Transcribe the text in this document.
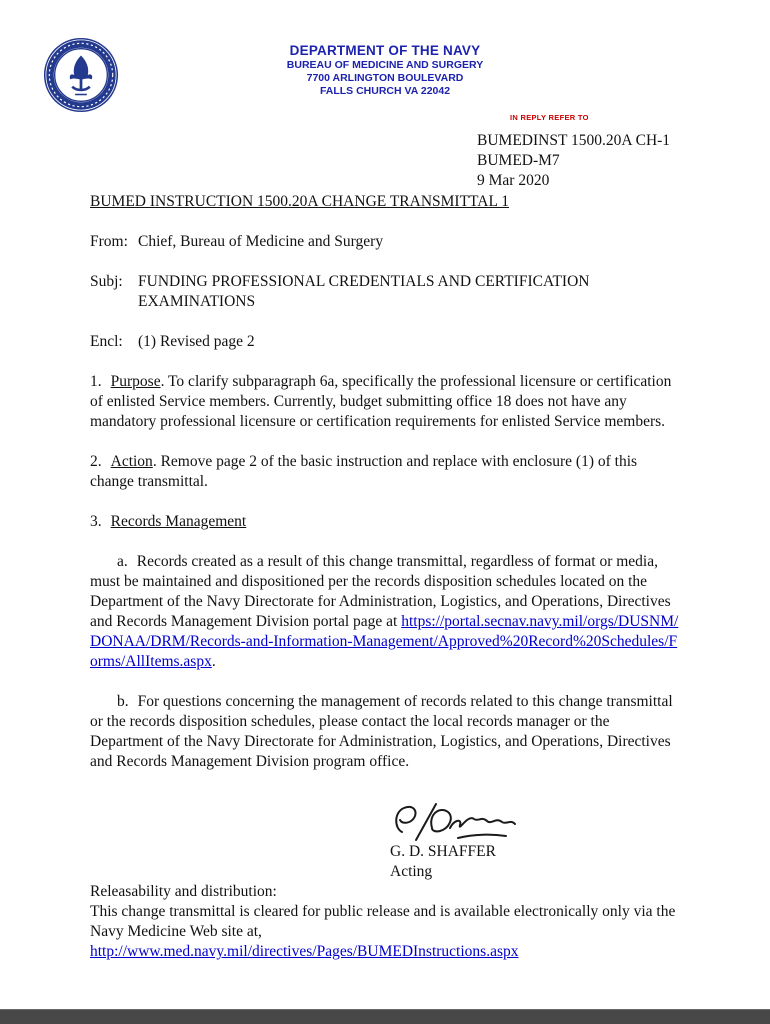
DEPARTMENT OF THE NAVY
BUREAU OF MEDICINE AND SURGERY
7700 ARLINGTON BOULEVARD
FALLS CHURCH VA 22042
IN REPLY REFER TO
BUMEDINST 1500.20A CH-1
BUMED-M7
9 Mar 2020
BUMED INSTRUCTION 1500.20A CHANGE TRANSMITTAL 1
From: Chief, Bureau of Medicine and Surgery
Subj: FUNDING PROFESSIONAL CREDENTIALS AND CERTIFICATION
EXAMINATIONS
Encl: (1) Revised page 2

1. Purpose. To clarify subparagraph 6a, specifically the professional licensure or certification of enlisted Service members. Currently, budget submitting office 18 does not have any mandatory professional licensure or certification requirements for enlisted Service members.

2. Action. Remove page 2 of the basic instruction and replace with enclosure (1) of this change transmittal.

3. Records Management

a. Records created as a result of this change transmittal, regardless of format or media, must be maintained and dispositioned per the records disposition schedules located on the Department of the Navy Directorate for Administration, Logistics, and Operations, Directives and Records Management Division portal page at https://portal.secnav.navy.mil/orgs/DUSNM/DONAA/DRM/Records-and-Information-Management/Approved%20Record%20Schedules/Forms/AllItems.aspx.

b. For questions concerning the management of records related to this change transmittal or the records disposition schedules, please contact the local records manager or the Department of the Navy Directorate for Administration, Logistics, and Operations, Directives and Records Management Division program office.

G. D. SHAFFER
Acting
Releasability and distribution:
This change transmittal is cleared for public release and is available electronically only via the Navy Medicine Web site at,
http://www.med.navy.mil/directives/Pages/BUMEDInstructions.aspx
